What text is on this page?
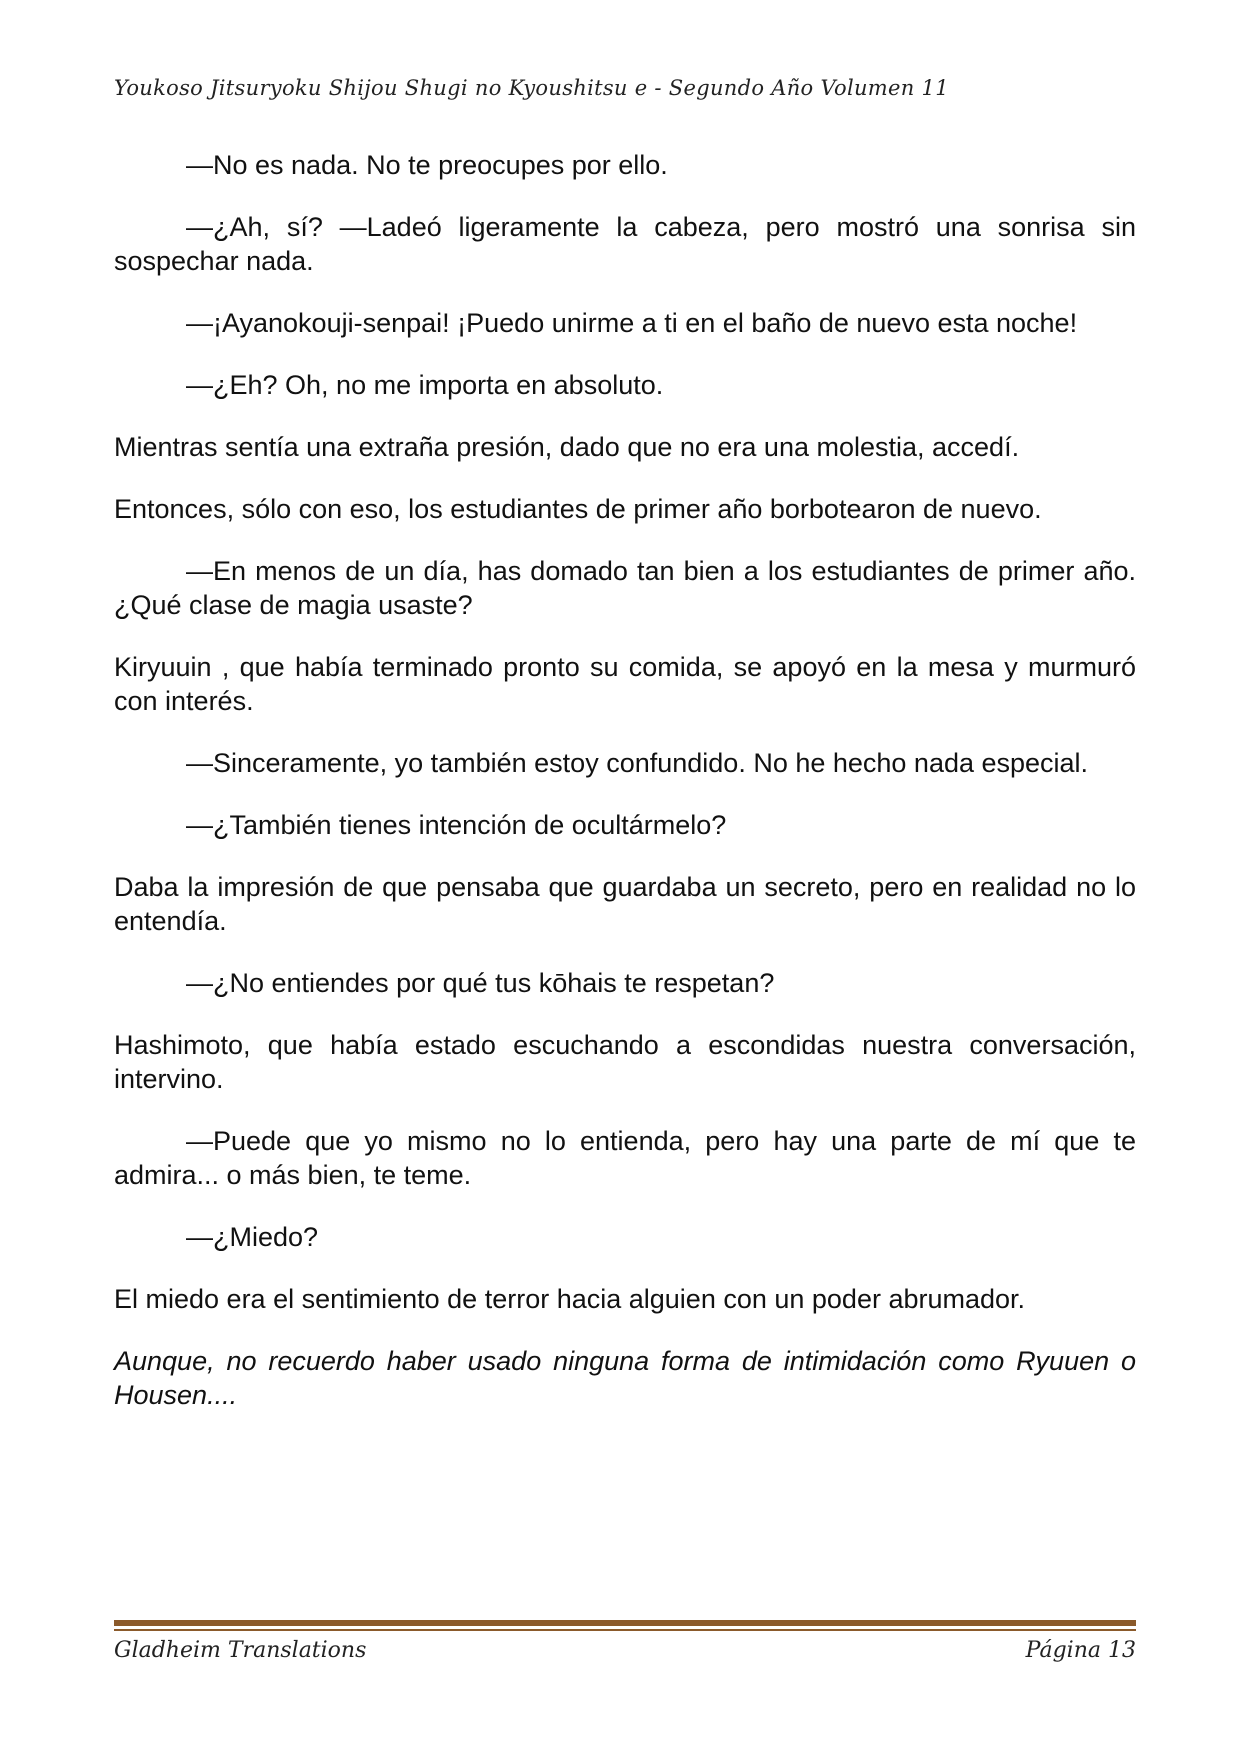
Youkoso Jitsuryoku Shijou Shugi no Kyoushitsu e - Segundo Año Volumen 11

—No es nada. No te preocupes por ello.

—¿Ah, sí? —Ladeó ligeramente la cabeza, pero mostró una sonrisa sin sospechar nada.

—¡Ayanokouji-senpai! ¡Puedo unirme a ti en el baño de nuevo esta noche!

—¿Eh? Oh, no me importa en absoluto.

Mientras sentía una extraña presión, dado que no era una molestia, accedí.

Entonces, sólo con eso, los estudiantes de primer año borbotearon de nuevo.

—En menos de un día, has domado tan bien a los estudiantes de primer año. ¿Qué clase de magia usaste?

Kiryuuin , que había terminado pronto su comida, se apoyó en la mesa y murmuró con interés.

—Sinceramente, yo también estoy confundido. No he hecho nada especial.

—¿También tienes intención de ocultármelo?

Daba la impresión de que pensaba que guardaba un secreto, pero en realidad no lo entendía.

—¿No entiendes por qué tus kōhais te respetan?

Hashimoto, que había estado escuchando a escondidas nuestra conversación, intervino.

—Puede que yo mismo no lo entienda, pero hay una parte de mí que te admira... o más bien, te teme.

—¿Miedo?

El miedo era el sentimiento de terror hacia alguien con un poder abrumador.

Aunque, no recuerdo haber usado ninguna forma de intimidación como Ryuuen o Housen....

Gladheim Translations	Página 13
